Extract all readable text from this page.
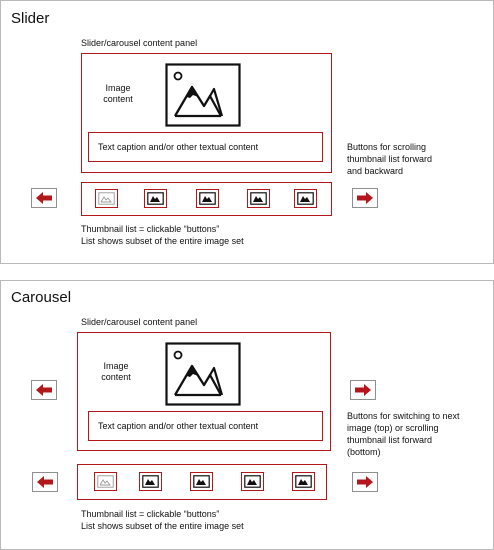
Slider
Slider/carousel content panel
Image
content
Text caption and/or other textual content	Buttons for scrolling
thumbnail list forward
and backward
Thumbnail list = clickable “buttons”
List shows subset of the entire image set
Carousel
Slider/carousel content panel
Image
content
Text caption and/or other textual content
Buttons for switching to next
image (top) or scrolling
thumbnail list forward
(bottom)
Thumbnail list = clickable “buttons”
List shows subset of the entire image set
